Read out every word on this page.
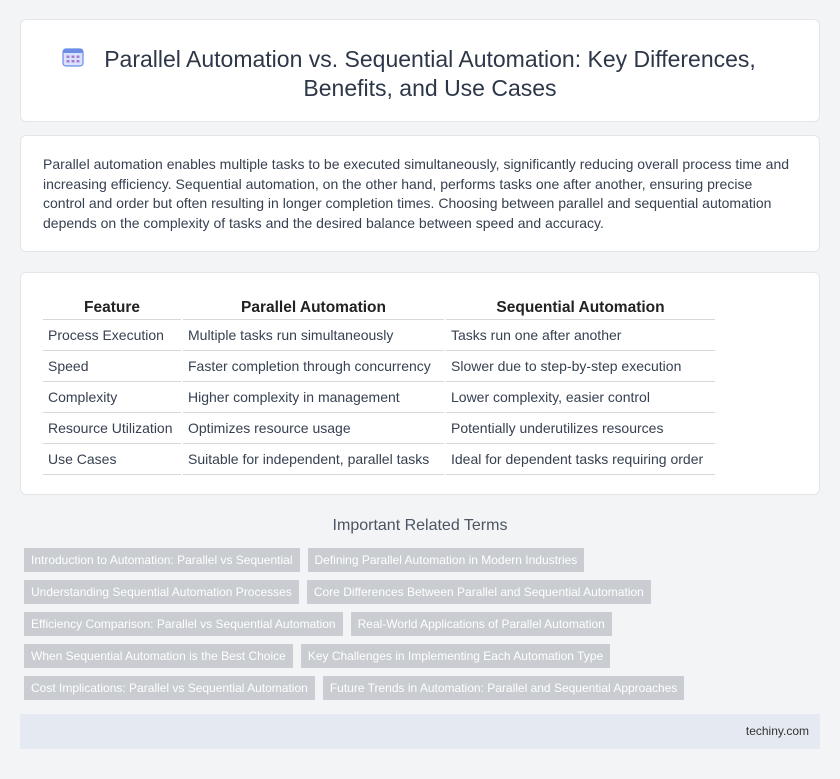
Parallel Automation vs. Sequential Automation: Key Differences, Benefits, and Use Cases

Parallel automation enables multiple tasks to be executed simultaneously, significantly reducing overall process time and increasing efficiency. Sequential automation, on the other hand, performs tasks one after another, ensuring precise control and order but often resulting in longer completion times. Choosing between parallel and sequential automation depends on the complexity of tasks and the desired balance between speed and accuracy.

Feature	Parallel Automation	Sequential Automation
Process Execution	Multiple tasks run simultaneously	Tasks run one after another
Speed	Faster completion through concurrency	Slower due to step-by-step execution
Complexity	Higher complexity in management	Lower complexity, easier control
Resource Utilization	Optimizes resource usage	Potentially underutilizes resources
Use Cases	Suitable for independent, parallel tasks	Ideal for dependent tasks requiring order
Important Related Terms
Introduction to Automation: Parallel vs Sequential	Defining Parallel Automation in Modern Industries
Understanding Sequential Automation Processes	Core Differences Between Parallel and Sequential Automation
Efficiency Comparison: Parallel vs Sequential Automation	Real-World Applications of Parallel Automation
When Sequential Automation is the Best Choice	Key Challenges in Implementing Each Automation Type
Cost Implications: Parallel vs Sequential Automation	Future Trends in Automation: Parallel and Sequential Approaches
techiny.com
